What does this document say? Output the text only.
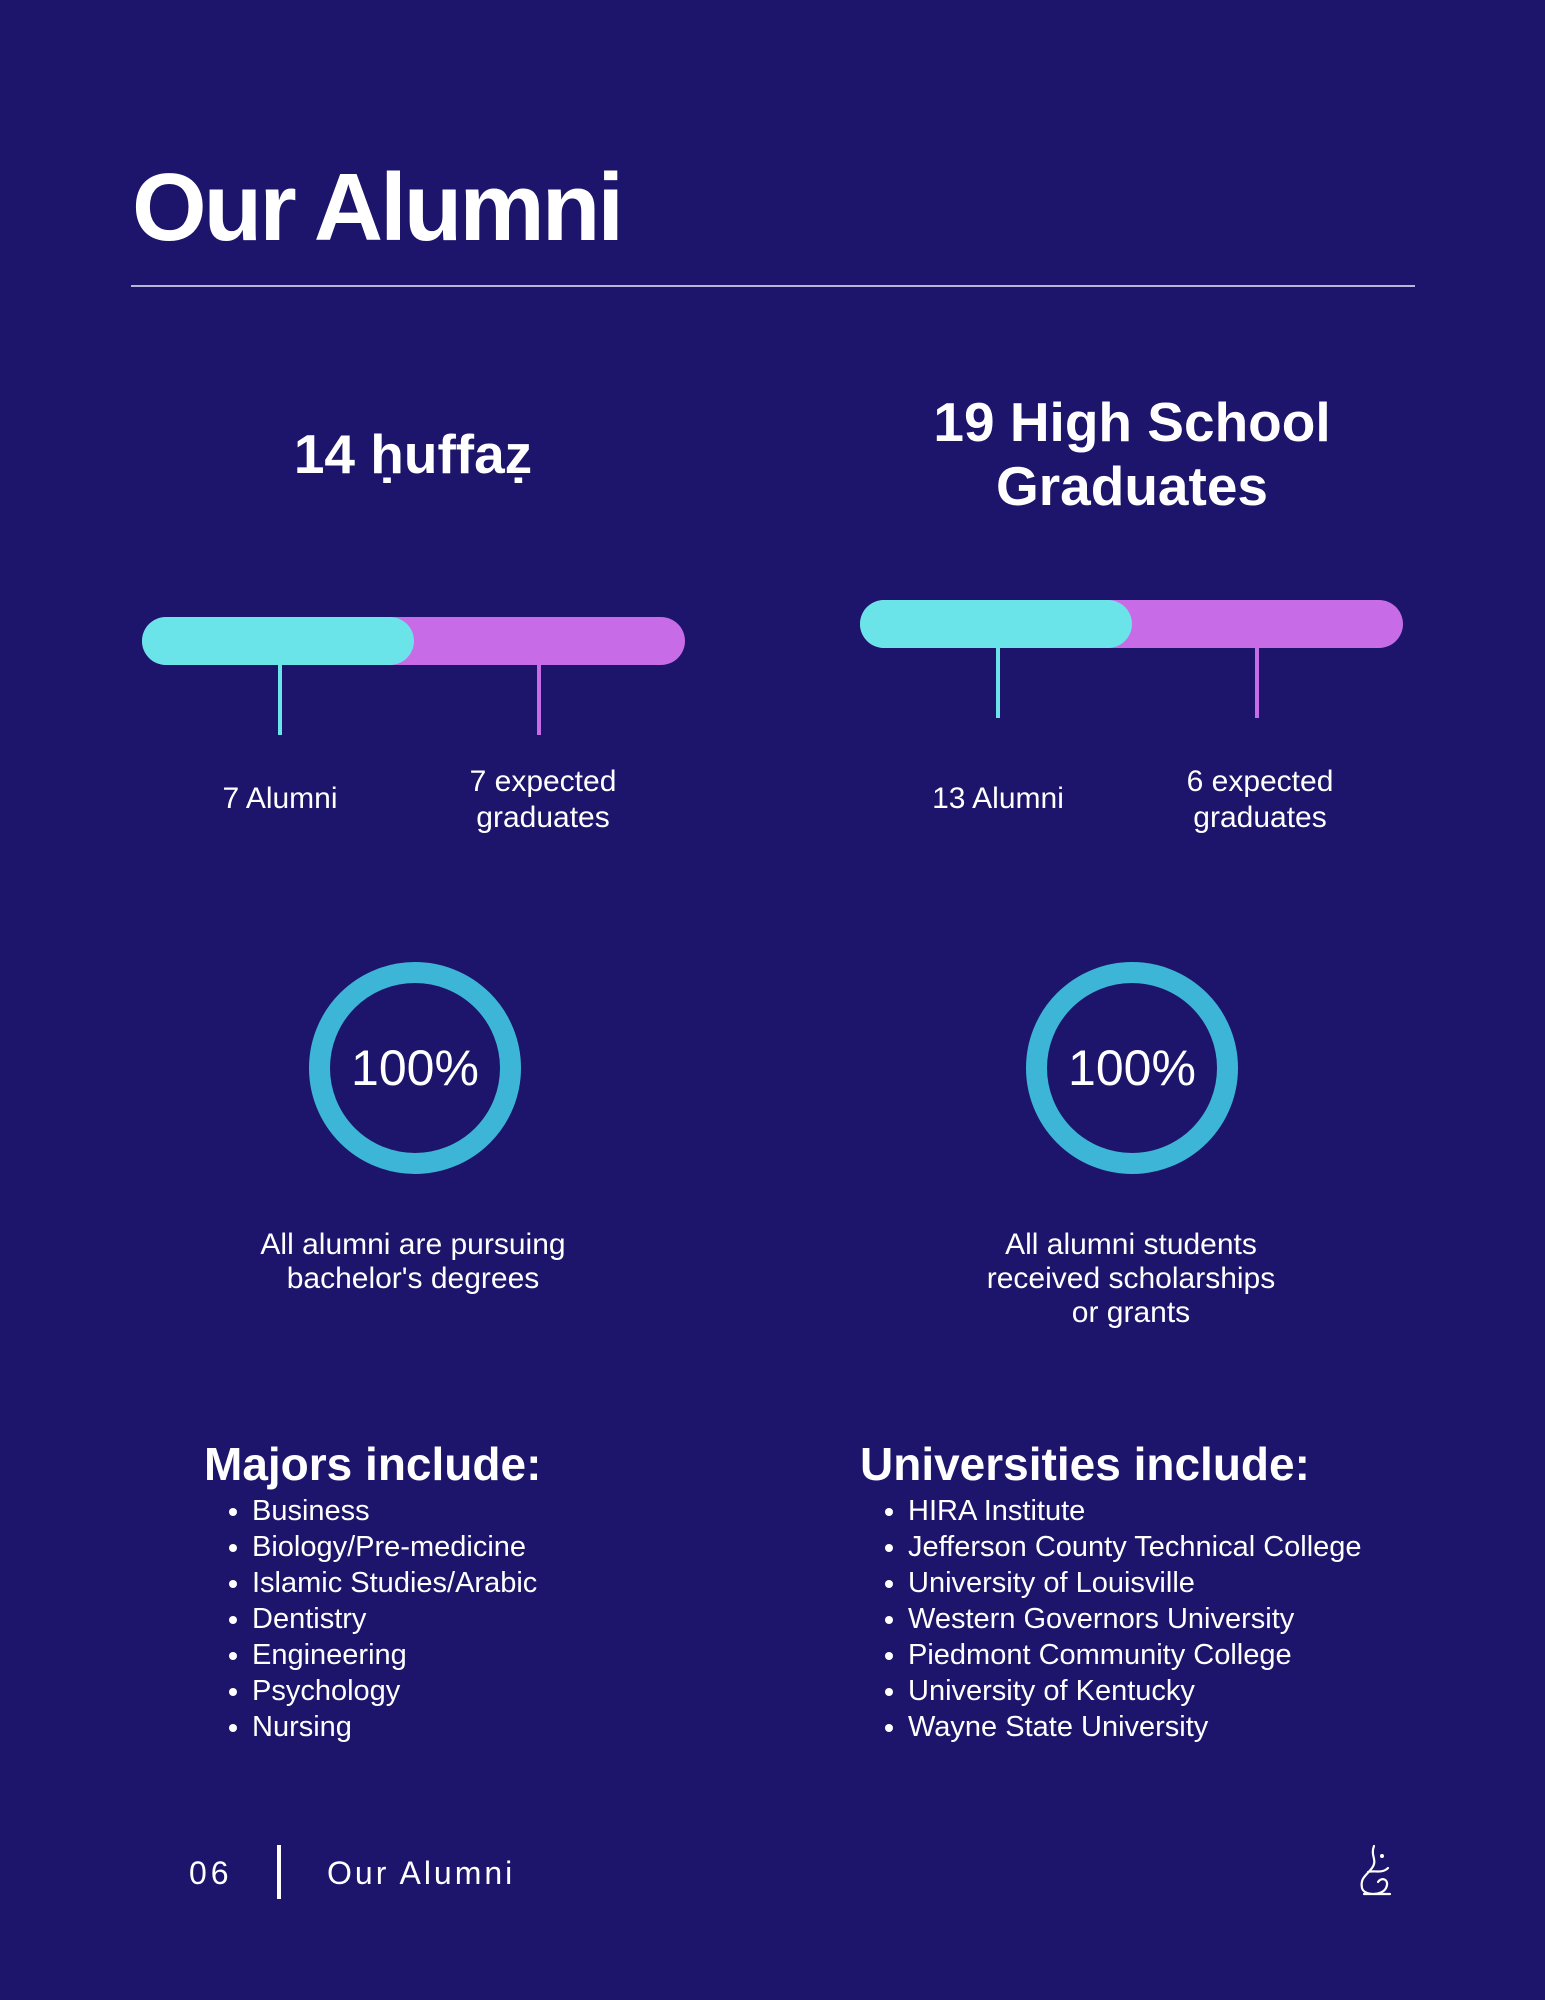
Our Alumni
14 ḥuffaẓ
7 Alumni
7 expected
graduates
100%
All alumni are pursuing
bachelor's degrees
19 High School
Graduates
13 Alumni
6 expected
graduates
100%
All alumni students
received scholarships
or grants
Majors include:
• Business
• Biology/Pre-medicine
• Islamic Studies/Arabic
• Dentistry
• Engineering
• Psychology
• Nursing
Universities include:
• HIRA Institute
• Jefferson County Technical College
• University of Louisville
• Western Governors University
• Piedmont Community College
• University of Kentucky
• Wayne State University
06	Our Alumni
